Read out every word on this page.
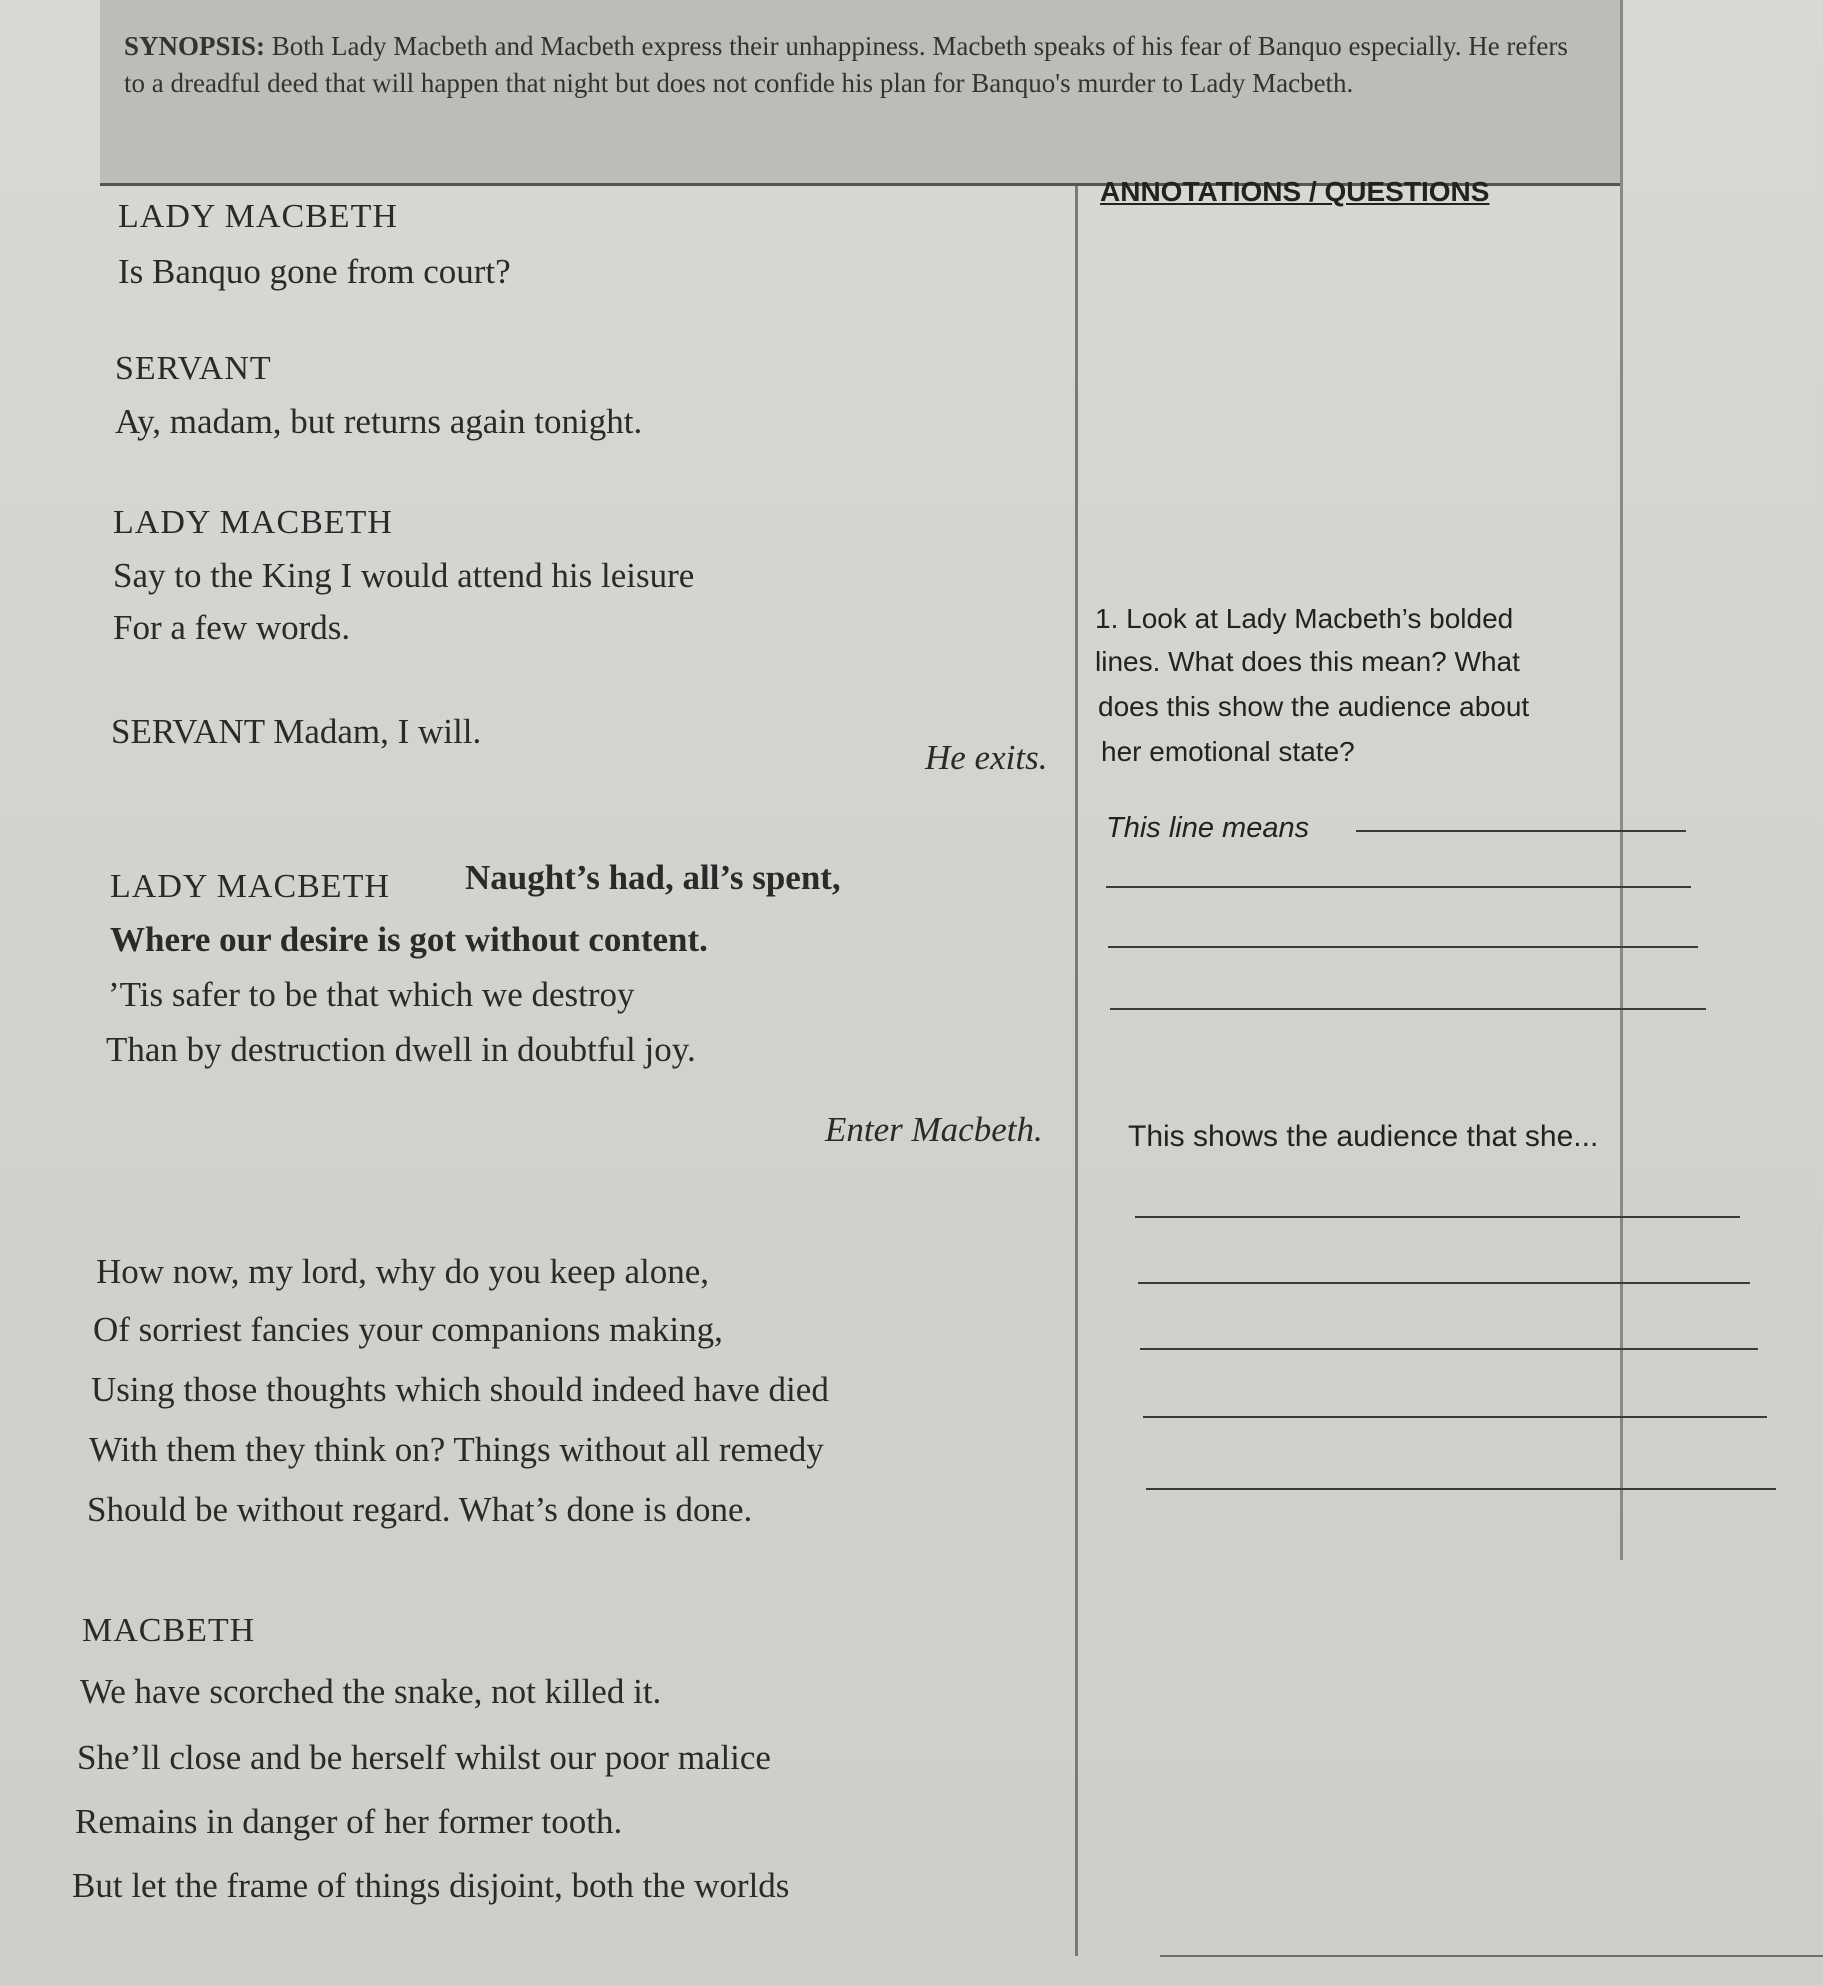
SYNOPSIS: Both Lady Macbeth and Macbeth express their unhappiness. Macbeth speaks of his fear of Banquo especially. He refers to a dreadful deed that will happen that night but does not confide his plan for Banquo's murder to Lady Macbeth.
LADY MACBETH
Is Banquo gone from court?
SERVANT
Ay, madam, but returns again tonight.
LADY MACBETH
Say to the King I would attend his leisure
For a few words.
SERVANT Madam, I will.
He exits.
LADY MACBETH Naught’s had, all’s spent,
Where our desire is got without content.
’Tis safer to be that which we destroy
Than by destruction dwell in doubtful joy.
Enter Macbeth.
How now, my lord, why do you keep alone,
Of sorriest fancies your companions making,
Using those thoughts which should indeed have died
With them they think on? Things without all remedy
Should be without regard. What’s done is done.
MACBETH
We have scorched the snake, not killed it.
She’ll close and be herself whilst our poor malice
Remains in danger of her former tooth.
But let the frame of things disjoint, both the worlds
ANNOTATIONS / QUESTIONS
1. Look at Lady Macbeth’s bolded
lines. What does this mean? What
does this show the audience about
her emotional state?
This line means
This shows the audience that she...
